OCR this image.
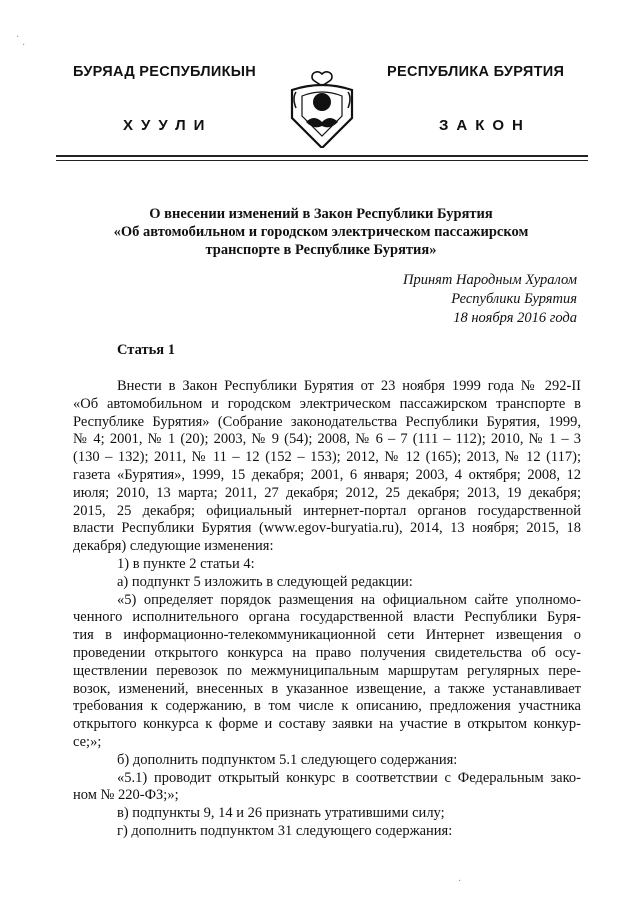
БУРЯАД РЕСПУБЛИКЫН	РЕСПУБЛИКА БУРЯТИЯ
ХУУЛИ	ЗАКОН
О внесении изменений в Закон Республики Бурятия
«Об автомобильном и городском электрическом пассажирском
транспорте в Республике Бурятия»
Принят Народным Хуралом
Республики Бурятия
18 ноября 2016 года
Статья 1
Внести в Закон Республики Бурятия от 23 ноября 1999 года № 292-II
«Об автомобильном и городском электрическом пассажирском транспорте в
Республике Бурятия» (Собрание законодательства Республики Бурятия, 1999,
№ 4; 2001, № 1 (20); 2003, № 9 (54); 2008, № 6 – 7 (111 – 112); 2010, № 1 – 3
(130 – 132); 2011, № 11 – 12 (152 – 153); 2012, № 12 (165); 2013, № 12 (117);
газета «Бурятия», 1999, 15 декабря; 2001, 6 января; 2003, 4 октября; 2008, 12
июля; 2010, 13 марта; 2011, 27 декабря; 2012, 25 декабря; 2013, 19 декабря;
2015, 25 декабря; официальный интернет-портал органов государственной
власти Республики Бурятия (www.egov-buryatia.ru), 2014, 13 ноября; 2015, 18
декабря) следующие изменения:
1) в пункте 2 статьи 4:
а) подпункт 5 изложить в следующей редакции:
«5) определяет порядок размещения на официальном сайте уполномо-
ченного исполнительного органа государственной власти Республики Буря-
тия в информационно-телекоммуникационной сети Интернет извещения о
проведении открытого конкурса на право получения свидетельства об осу-
ществлении перевозок по межмуниципальным маршрутам регулярных пере-
возок, изменений, внесенных в указанное извещение, а также устанавливает
требования к содержанию, в том числе к описанию, предложения участника
открытого конкурса к форме и составу заявки на участие в открытом конкур-
се;»;
б) дополнить подпунктом 5.1 следующего содержания:
«5.1) проводит открытый конкурс в соответствии с Федеральным зако-
ном № 220-ФЗ;»;
в) подпункты 9, 14 и 26 признать утратившими силу;
г) дополнить подпунктом 31 следующего содержания:
‾
·
·
·
